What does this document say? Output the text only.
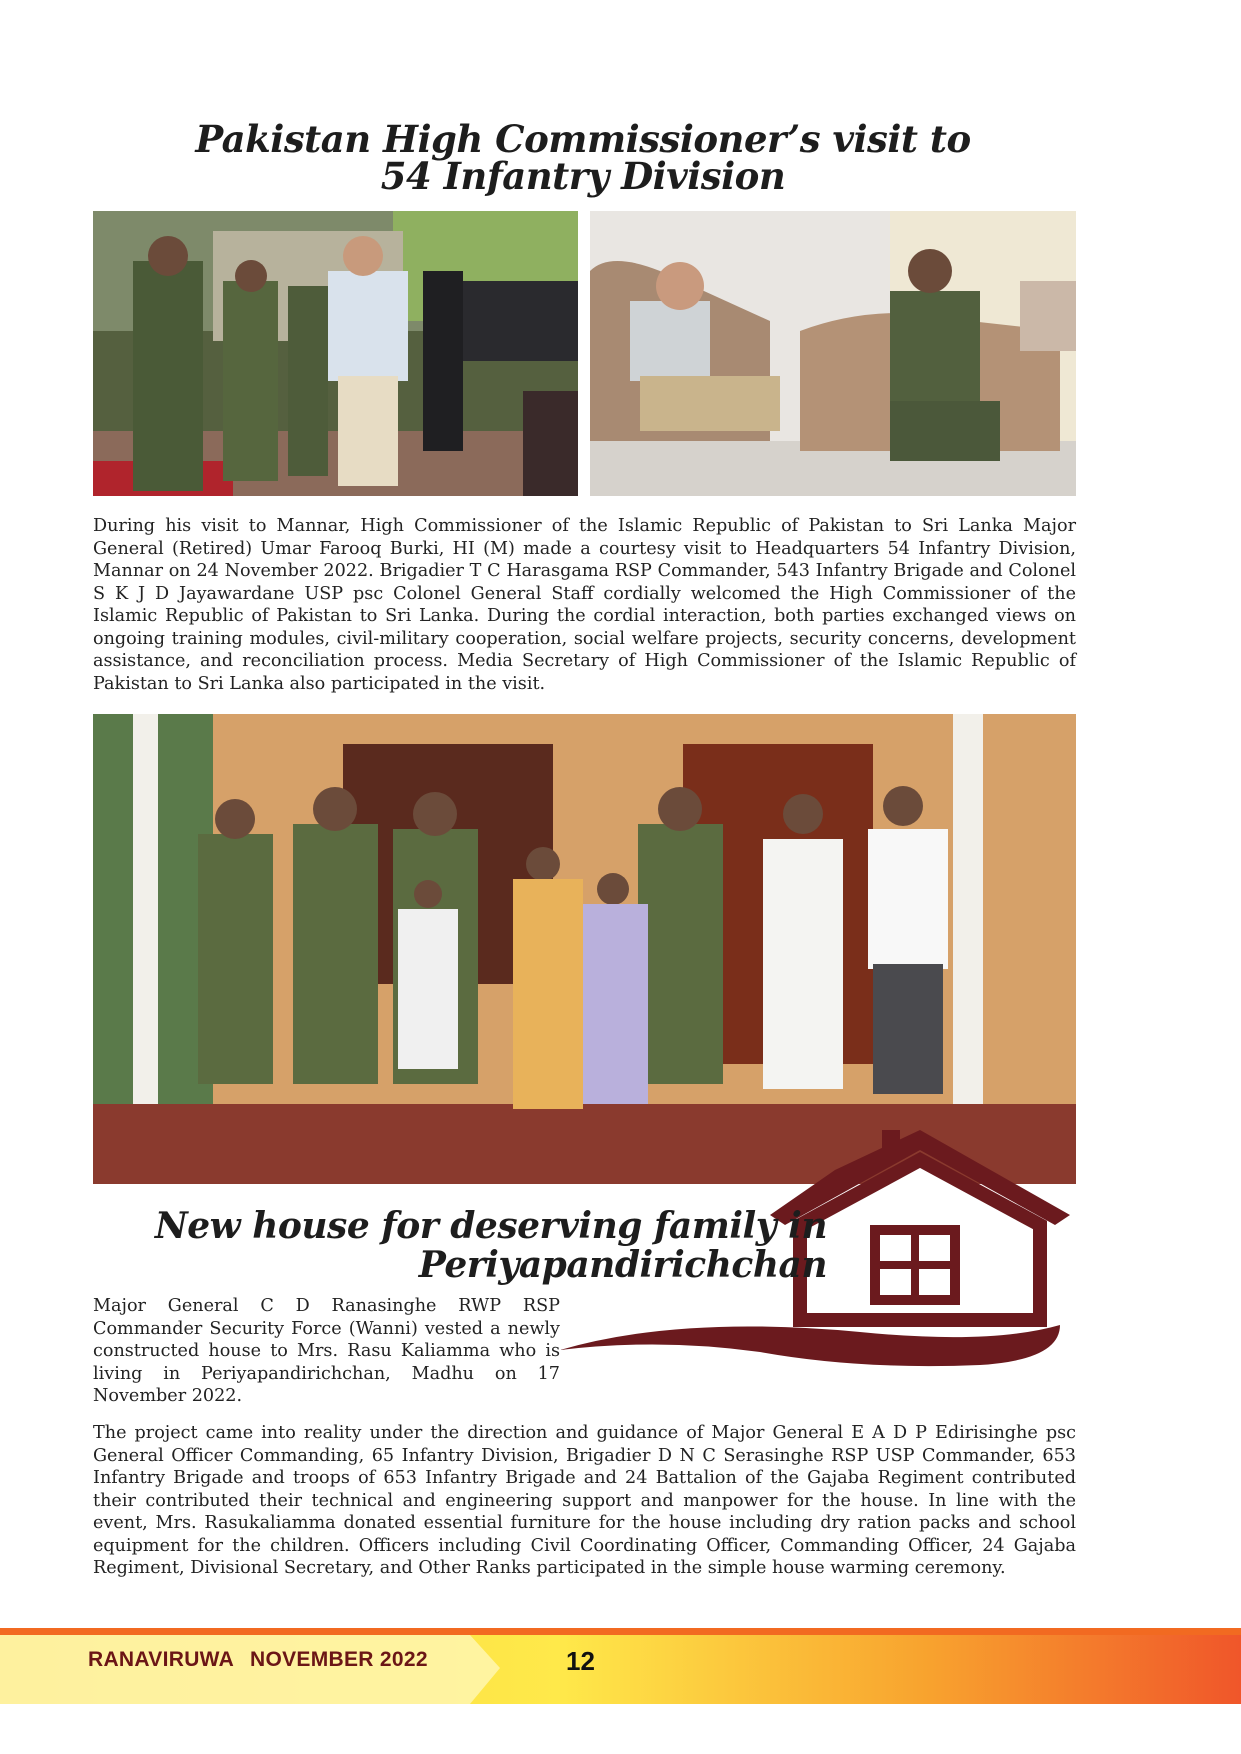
Pakistan High Commissioner’s visit to
54 Infantry Division

During his visit to Mannar, High Commissioner of the Islamic Republic of Pakistan to Sri Lanka Major General (Retired) Umar Farooq Burki, HI (M) made a courtesy visit to Headquarters 54 Infantry Division, Mannar on 24 November 2022. Brigadier T C Harasgama RSP Commander, 543 Infantry Brigade and Colonel S K J D Jayawardane USP psc Colonel General Staff cordially welcomed the High Commissioner of the Islamic Republic of Pakistan to Sri Lanka. During the cordial interaction, both parties exchanged views on ongoing training modules, civil-military cooperation, social welfare projects, security concerns, development assistance, and reconciliation process. Media Secretary of High Commissioner of the Islamic Republic of Pakistan to Sri Lanka also participated in the visit.

New house for deserving family in
Periyapandirichchan

Major General C D Ranasinghe RWP RSP Commander Security Force (Wanni) vested a newly constructed house to Mrs. Rasu Kaliamma who is living in Periyapandirichchan, Madhu on 17 November 2022.

The project came into reality under the direction and guidance of Major General E A D P Edirisinghe psc General Officer Commanding, 65 Infantry Division, Brigadier D N C Serasinghe RSP USP Commander, 653 Infantry Brigade and troops of 653 Infantry Brigade and 24 Battalion of the Gajaba Regiment contributed their contributed their technical and engineering support and manpower for the house. In line with the event, Mrs. Rasukaliamma donated essential furniture for the house including dry ration packs and school equipment for the children. Officers including Civil Coordinating Officer, Commanding Officer, 24 Gajaba Regiment, Divisional Secretary, and Other Ranks participated in the simple house warming ceremony.

RANAVIRUWA NOVEMBER 2022	12
